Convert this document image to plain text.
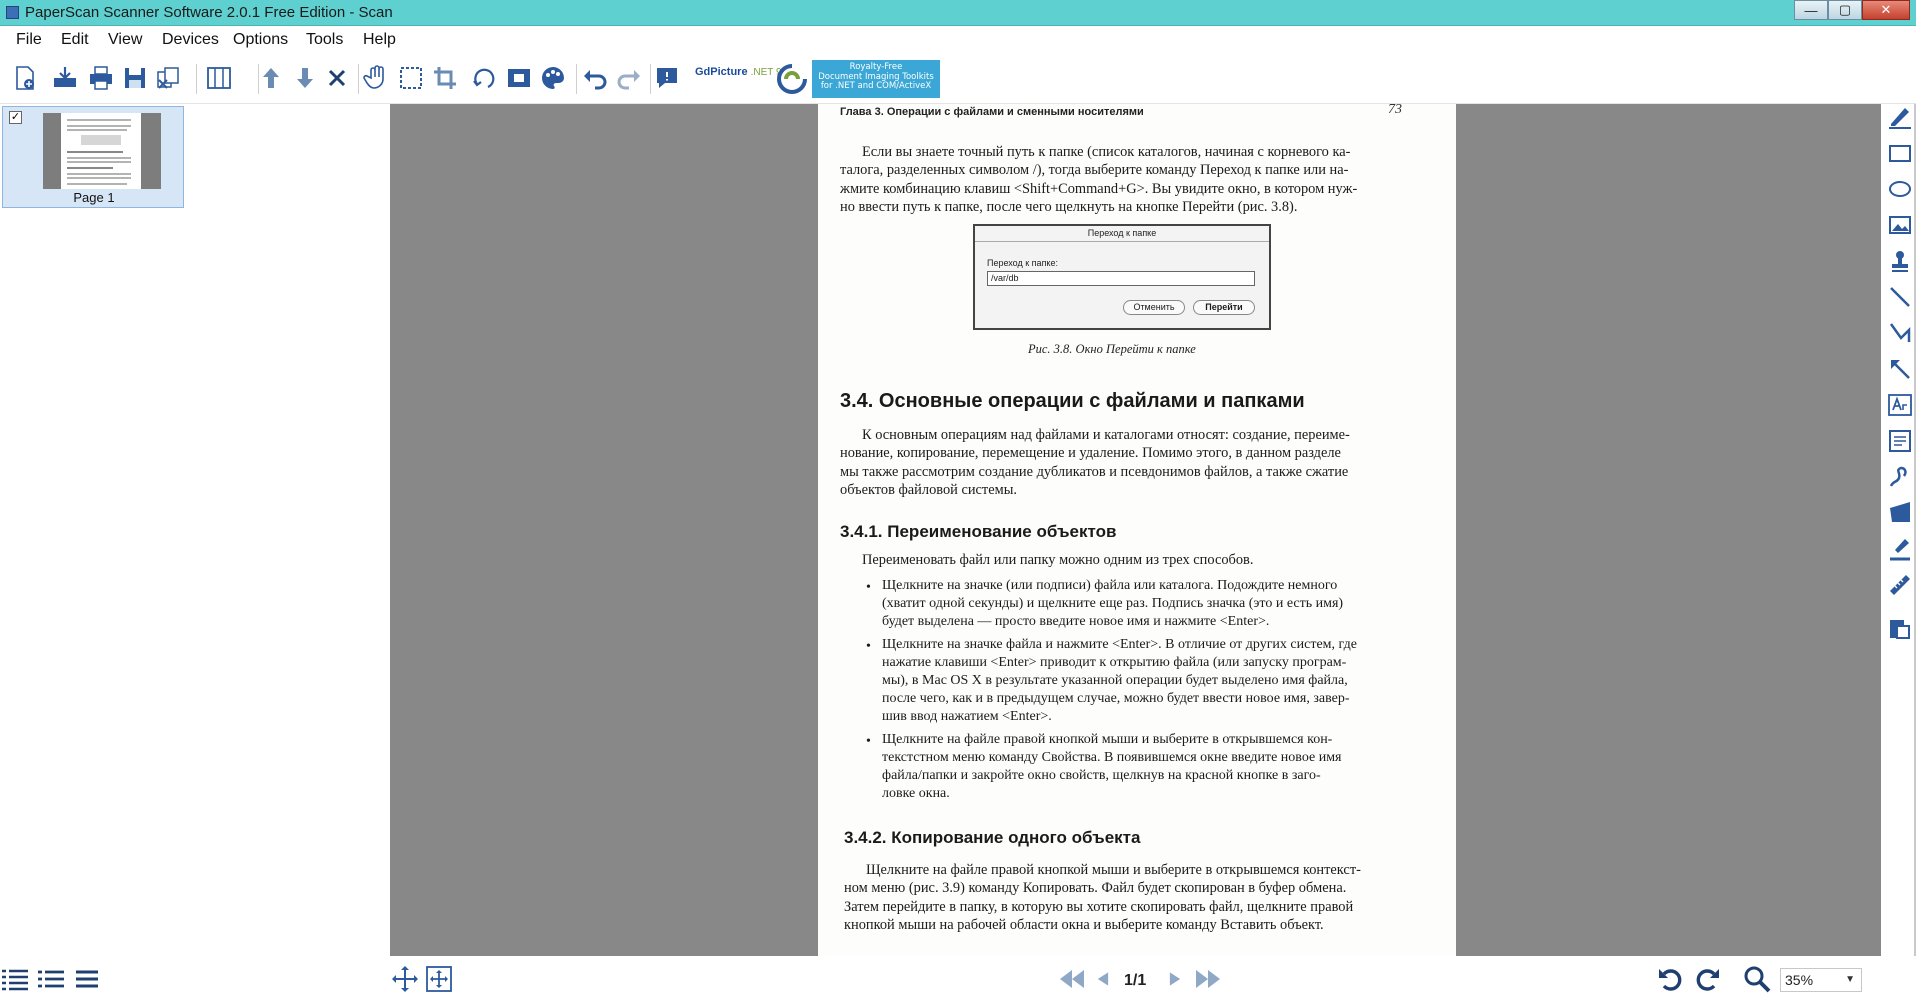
PaperScan Scanner Software 2.0.1 Free Edition - Scan	—	▢	✕
File Edit View Devices Options Tools Help
GdPicture .NET 9	Royalty-Free
Document Imaging Toolkits
for .NET and COM/ActiveX
✓
Page 1
Глава 3. Операции с файлами и сменными носителями	73
Если вы знаете точный путь к папке (список каталогов, начиная с корневого ка-
талога, разделенных символом /), тогда выберите команду Переход к папке или на-
жмите комбинацию клавиш <Shift+Command+G>. Вы увидите окно, в котором нуж-
но ввести путь к папке, после чего щелкнуть на кнопке Перейти (рис. 3.8).
Переход к папке
Переход к папке:
/var/db
Отменить	Перейти
Рис. 3.8. Окно Перейти к папке
3.4. Основные операции с файлами и папками
К основным операциям над файлами и каталогами относят: создание, переиме-
нование, копирование, перемещение и удаление. Помимо этого, в данном разделе
мы также рассмотрим создание дубликатов и псевдонимов файлов, а также сжатие
объектов файловой системы.
3.4.1. Переименование объектов
Переименовать файл или папку можно одним из трех способов.
• Щелкните на значке (или подписи) файла или каталога. Подождите немного
(хватит одной секунды) и щелкните еще раз. Подпись значка (это и есть имя)
будет выделена — просто введите новое имя и нажмите <Enter>.
• Щелкните на значке файла и нажмите <Enter>. В отличие от других систем, где
нажатие клавиши <Enter> приводит к открытию файла (или запуску програм-
мы), в Mac OS X в результате указанной операции будет выделено имя файла,
после чего, как и в предыдущем случае, можно будет ввести новое имя, завер-
шив ввод нажатием <Enter>.
• Щелкните на файле правой кнопкой мыши и выберите в открывшемся кон-
текстстном меню команду Свойства. В появившемся окне введите новое имя
файла/папки и закройте окно свойств, щелкнув на красной кнопке в заго-
ловке окна.
3.4.2. Копирование одного объекта
Щелкните на файле правой кнопкой мыши и выберите в открывшемся контекст-
ном меню (рис. 3.9) команду Копировать. Файл будет скопирован в буфер обмена.
Затем перейдите в папку, в которую вы хотите скопировать файл, щелкните правой
кнопкой мыши на рабочей области окна и выберите команду Вставить объект.
1/1	35%	▼
